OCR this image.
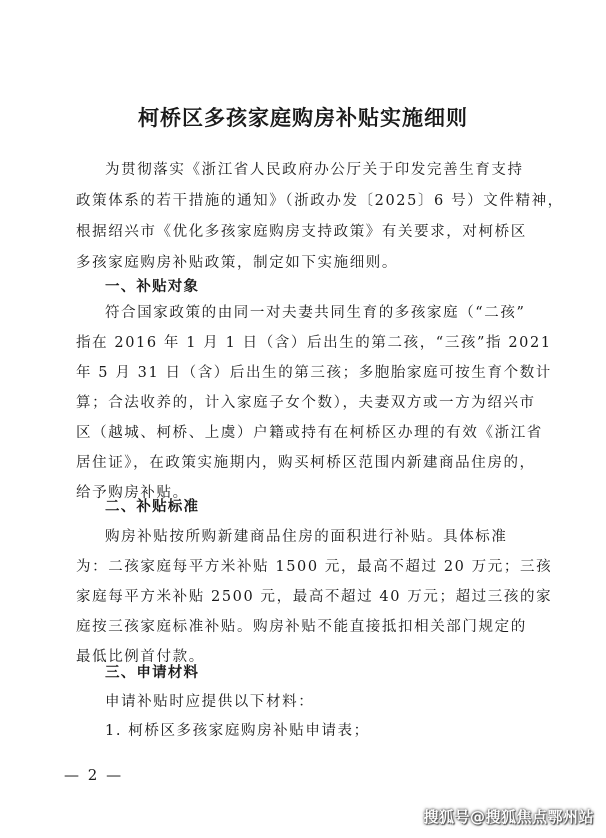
柯桥区多孩家庭购房补贴实施细则
为贯彻落实《浙江省人民政府办公厅关于印发完善生育支持
政策体系的若干措施的通知》（浙政办发〔2025〕6 号）文件精神，
根据绍兴市《优化多孩家庭购房支持政策》有关要求，对柯桥区
多孩家庭购房补贴政策，制定如下实施细则。
一、补贴对象
符合国家政策的由同一对夫妻共同生育的多孩家庭（“二孩”
指在 2016 年 1 月 1 日（含）后出生的第二孩，“三孩”指 2021
年 5 月 31 日（含）后出生的第三孩；多胞胎家庭可按生育个数计
算；合法收养的，计入家庭子女个数），夫妻双方或一方为绍兴市
区（越城、柯桥、上虞）户籍或持有在柯桥区办理的有效《浙江省
居住证》，在政策实施期内，购买柯桥区范围内新建商品住房的，
给予购房补贴。
二、补贴标准
购房补贴按所购新建商品住房的面积进行补贴。具体标准
为：二孩家庭每平方米补贴 1500 元，最高不超过 20 万元；三孩
家庭每平方米补贴 2500 元，最高不超过 40 万元；超过三孩的家
庭按三孩家庭标准补贴。购房补贴不能直接抵扣相关部门规定的
最低比例首付款。
三、申请材料
申请补贴时应提供以下材料：
— 2 —
搜狐号@搜狐焦点鄂州站
1. 柯桥区多孩家庭购房补贴申请表；
